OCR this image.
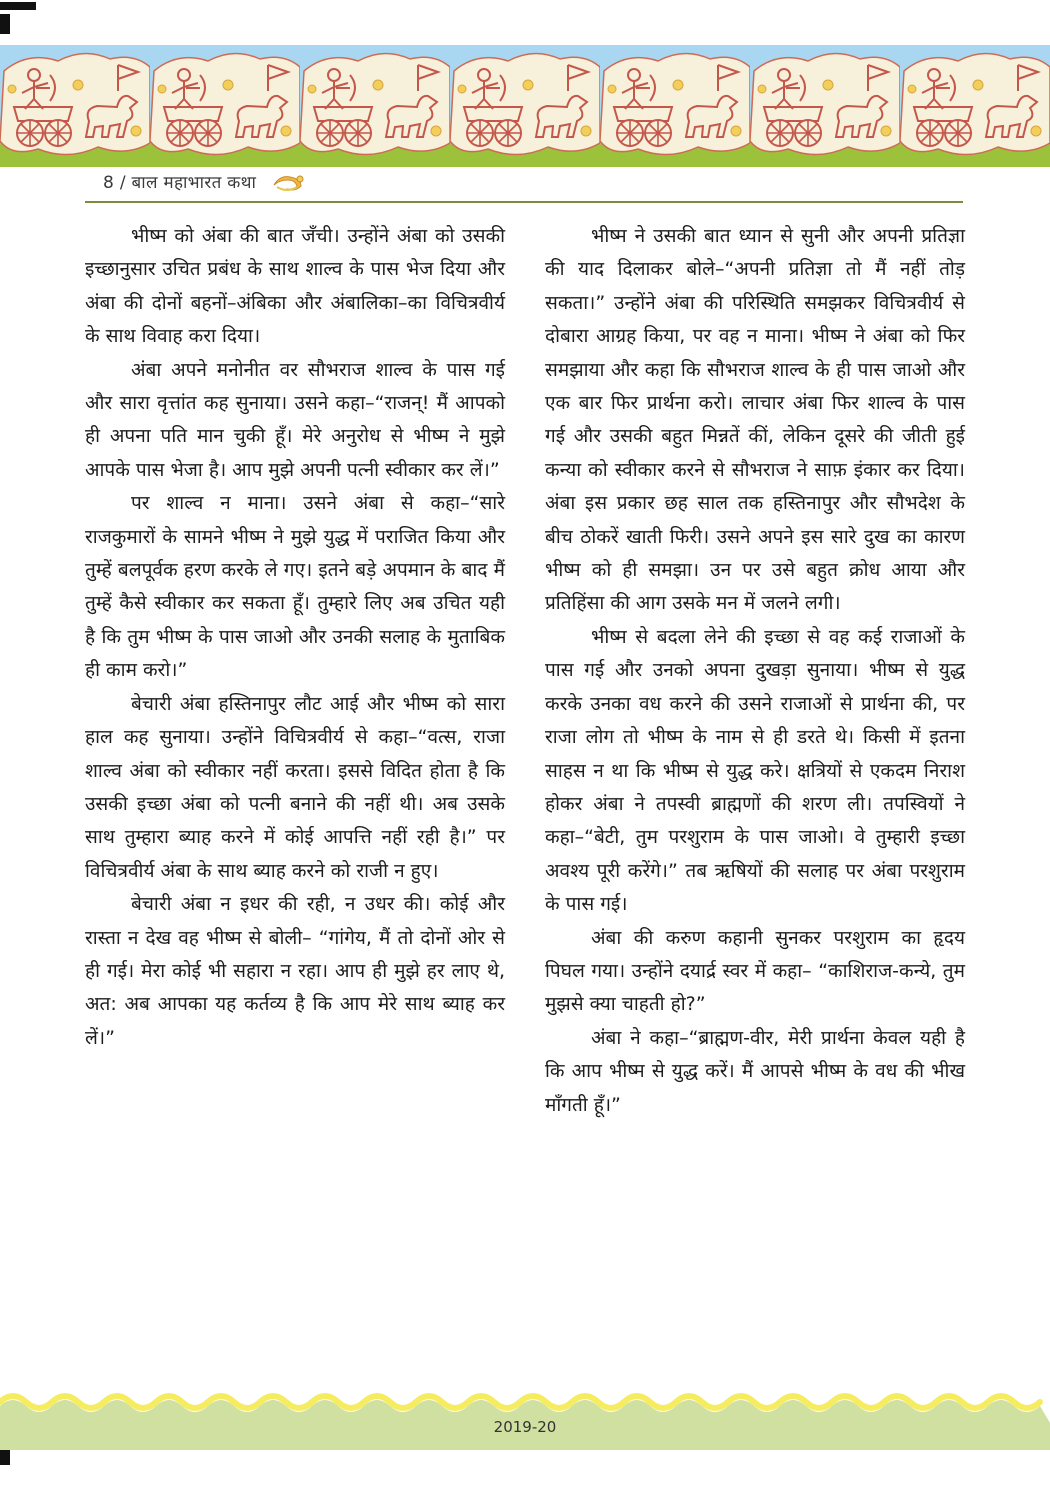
8 / बाल महाभारत कथा

भीष्म को अंबा की बात जँची। उन्होंने अंबा को उसकी इच्छानुसार उचित प्रबंध के साथ शाल्व के पास भेज दिया और अंबा की दोनों बहनों–अंबिका और अंबालिका–का विचित्रवीर्य के साथ विवाह करा दिया।

अंबा अपने मनोनीत वर सौभराज शाल्व के पास गई और सारा वृत्तांत कह सुनाया। उसने कहा–“राजन्! मैं आपको ही अपना पति मान चुकी हूँ। मेरे अनुरोध से भीष्म ने मुझे आपके पास भेजा है। आप मुझे अपनी पत्नी स्वीकार कर लें।”

पर शाल्व न माना। उसने अंबा से कहा–“सारे राजकुमारों के सामने भीष्म ने मुझे युद्ध में पराजित किया और तुम्हें बलपूर्वक हरण करके ले गए। इतने बड़े अपमान के बाद मैं तुम्हें कैसे स्वीकार कर सकता हूँ। तुम्हारे लिए अब उचित यही है कि तुम भीष्म के पास जाओ और उनकी सलाह के मुताबिक ही काम करो।”

बेचारी अंबा हस्तिनापुर लौट आई और भीष्म को सारा हाल कह सुनाया। उन्होंने विचित्रवीर्य से कहा–“वत्स, राजा शाल्व अंबा को स्वीकार नहीं करता। इससे विदित होता है कि उसकी इच्छा अंबा को पत्नी बनाने की नहीं थी। अब उसके साथ तुम्हारा ब्याह करने में कोई आपत्ति नहीं रही है।” पर विचित्रवीर्य अंबा के साथ ब्याह करने को राजी न हुए।

बेचारी अंबा न इधर की रही, न उधर की। कोई और रास्ता न देख वह भीष्म से बोली– “गांगेय, मैं तो दोनों ओर से ही गई। मेरा कोई भी सहारा न रहा। आप ही मुझे हर लाए थे, अत: अब आपका यह कर्तव्य है कि आप मेरे साथ ब्याह कर लें।”

भीष्म ने उसकी बात ध्यान से सुनी और अपनी प्रतिज्ञा की याद दिलाकर बोले–“अपनी प्रतिज्ञा तो मैं नहीं तोड़ सकता।” उन्होंने अंबा की परिस्थिति समझकर विचित्रवीर्य से दोबारा आग्रह किया, पर वह न माना। भीष्म ने अंबा को फिर समझाया और कहा कि सौभराज शाल्व के ही पास जाओ और एक बार फिर प्रार्थना करो। लाचार अंबा फिर शाल्व के पास गई और उसकी बहुत मिन्नतें कीं, लेकिन दूसरे की जीती हुई कन्या को स्वीकार करने से सौभराज ने साफ़ इंकार कर दिया। अंबा इस प्रकार छह साल तक हस्तिनापुर और सौभदेश के बीच ठोकरें खाती फिरी। उसने अपने इस सारे दुख का कारण भीष्म को ही समझा। उन पर उसे बहुत क्रोध आया और प्रतिहिंसा की आग उसके मन में जलने लगी।

भीष्म से बदला लेने की इच्छा से वह कई राजाओं के पास गई और उनको अपना दुखड़ा सुनाया। भीष्म से युद्ध करके उनका वध करने की उसने राजाओं से प्रार्थना की, पर राजा लोग तो भीष्म के नाम से ही डरते थे। किसी में इतना साहस न था कि भीष्म से युद्ध करे। क्षत्रियों से एकदम निराश होकर अंबा ने तपस्वी ब्राह्मणों की शरण ली। तपस्वियों ने कहा–“बेटी, तुम परशुराम के पास जाओ। वे तुम्हारी इच्छा अवश्य पूरी करेंगे।” तब ऋषियों की सलाह पर अंबा परशुराम के पास गई।

अंबा की करुण कहानी सुनकर परशुराम का हृदय पिघल गया। उन्होंने दयार्द्र स्वर में कहा– “काशिराज-कन्ये, तुम मुझसे क्या चाहती हो?”

अंबा ने कहा–“ब्राह्मण-वीर, मेरी प्रार्थना केवल यही है कि आप भीष्म से युद्ध करें। मैं आपसे भीष्म के वध की भीख माँगती हूँ।”

2019-20
